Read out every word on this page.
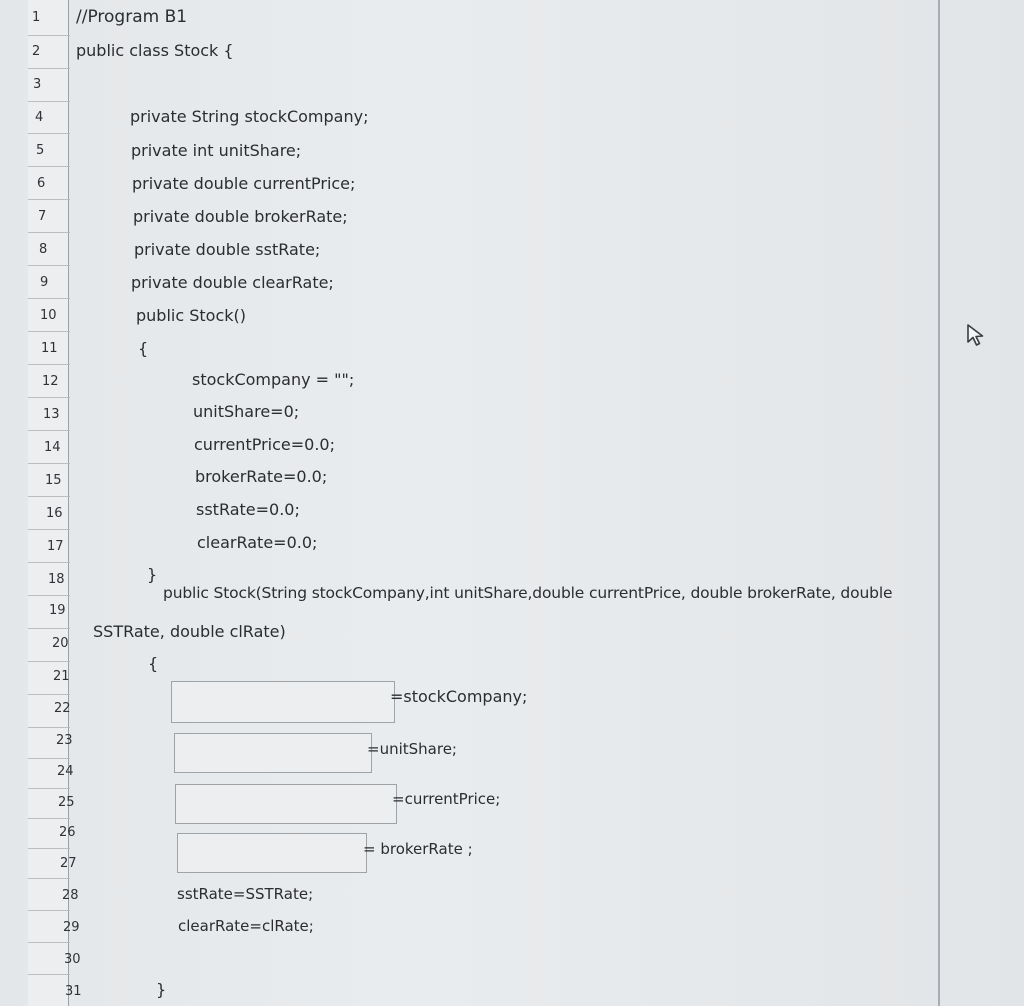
1
2
3
4
5
6
7
8
9
10
11
12
13
14
15
16
17
18
19
20
21
22
23
24
25
26
27
28
29
30
31
//Program B1
public class Stock {
private String stockCompany;
private int unitShare;
private double currentPrice;
private double brokerRate;
private double sstRate;
private double clearRate;
public Stock()
{
stockCompany = "";
unitShare=0;
currentPrice=0.0;
brokerRate=0.0;
sstRate=0.0;
clearRate=0.0;
}
public Stock(String stockCompany,int unitShare,double currentPrice, double brokerRate, double
SSTRate, double clRate)
{
=stockCompany;
=unitShare;
=currentPrice;
= brokerRate ;
sstRate=SSTRate;
clearRate=clRate;
}
